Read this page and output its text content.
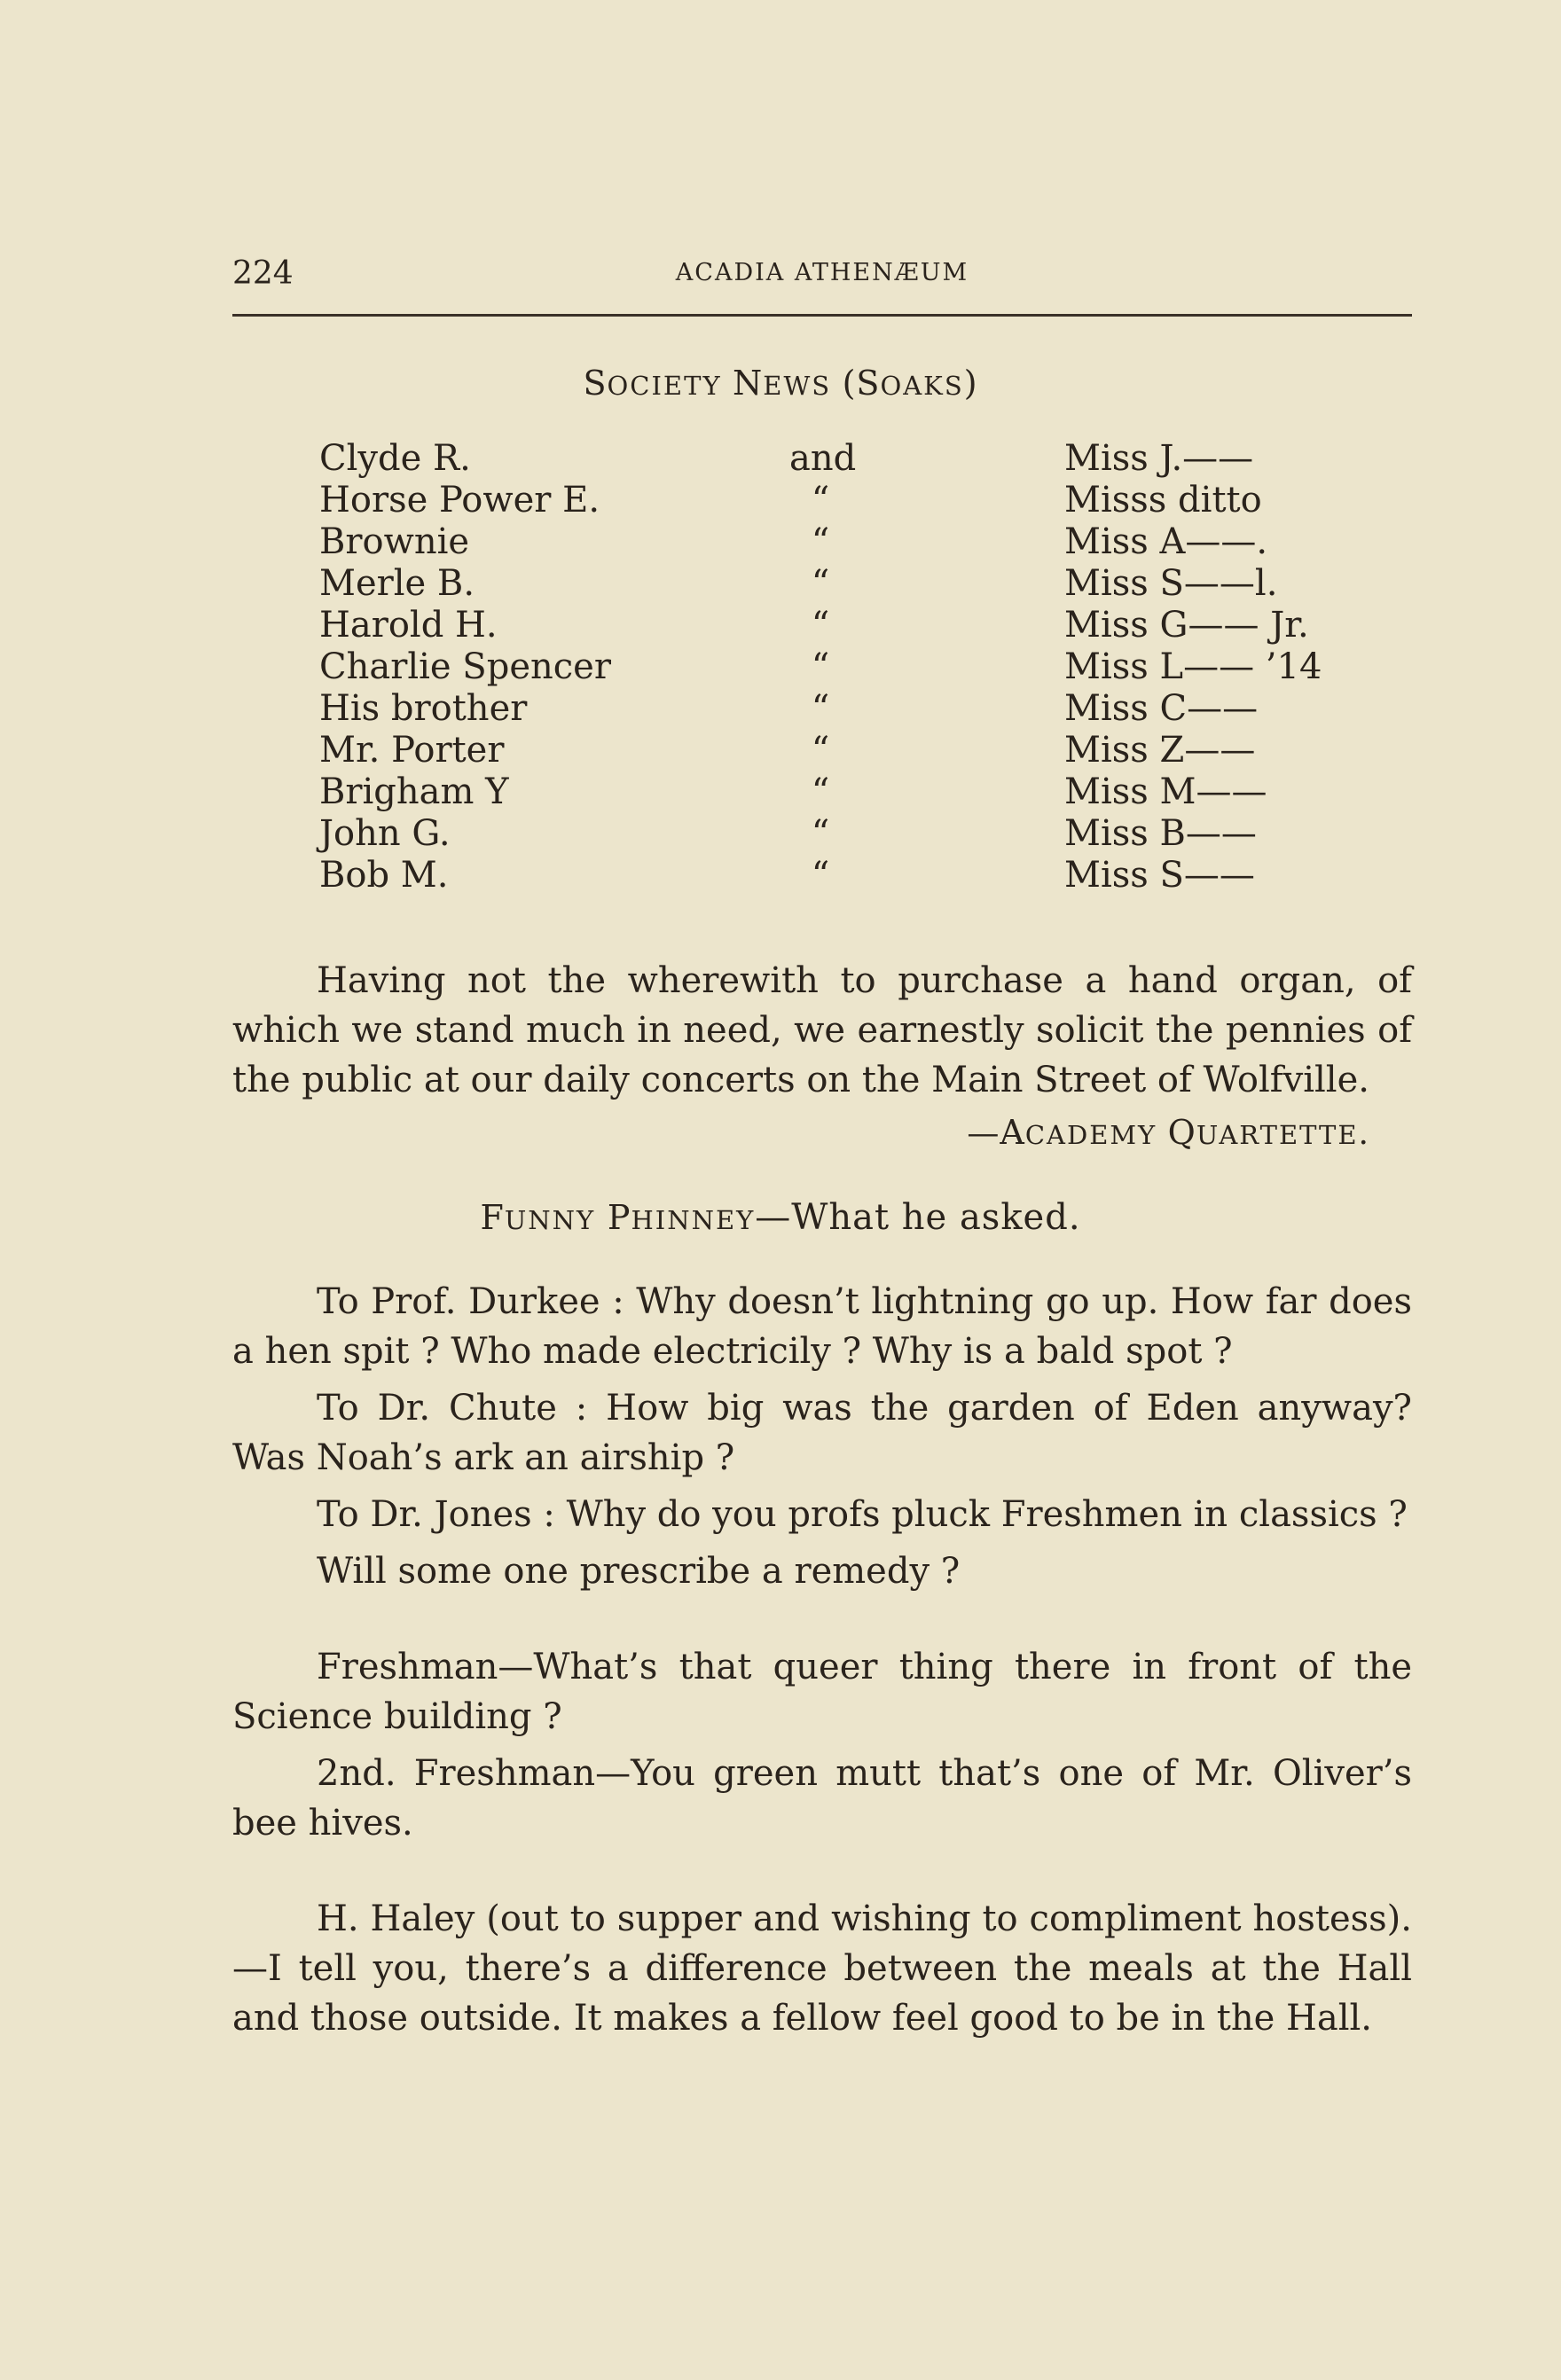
224	ACADIA ATHENÆUM
SOCIETY NEWS (SOAKS)
Clyde R.	and	Miss J.——
Horse Power E.	“	Misss ditto
Brownie	“	Miss A——.
Merle B.	“	Miss S——l.
Harold H.	“	Miss G—— Jr.
Charlie Spencer	“	Miss L—— ’14
His brother	“	Miss C——
Mr. Porter	“	Miss Z——
Brigham Y	“	Miss M——
John G.	“	Miss B——
Bob M.	“	Miss S——
Having not the wherewith to purchase a hand organ, of which we stand much in need, we earnestly solicit the pennies of the public at our daily concerts on the Main Street of Wolfville.
—ACADEMY QUARTETTE.
FUNNY PHINNEY—What he asked.
To Prof. Durkee : Why doesn’t lightning go up. How far does a hen spit ? Who made electricily ? Why is a bald spot ?
To Dr. Chute : How big was the garden of Eden anyway? Was Noah’s ark an airship ?
To Dr. Jones : Why do you profs pluck Freshmen in classics ?
Will some one prescribe a remedy ?
Freshman—What’s that queer thing there in front of the Science building ?
2nd. Freshman—You green mutt that’s one of Mr. Oliver’s bee hives.
H. Haley (out to supper and wishing to compliment hostess). —I tell you, there’s a difference between the meals at the Hall and those outside. It makes a fellow feel good to be in the Hall.
